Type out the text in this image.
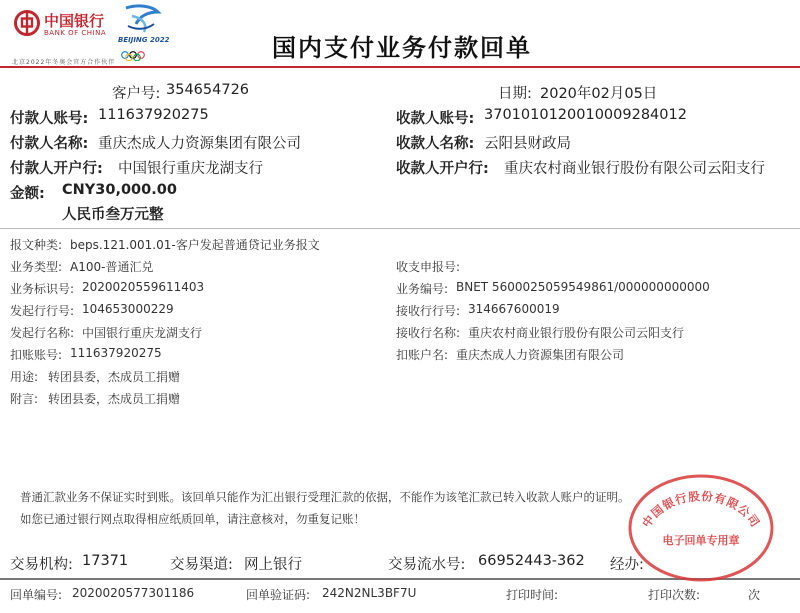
中国银行
BANK OF CHINA
BEIJING 2022
北京2022年冬奥会官方合作伙伴
国内支付业务付款回单
客户号: 354654726	日期: 2020年02月05日
付款人账号: 111637920275	收款人账号: 370101012001000928401​2
付款人名称: 重庆杰成人力资源集团有限公司	收款人名称: 云阳县财政局
付款人开户行: 中国银行重庆龙湖支行	收款人开户行: 重庆农村商业银行股份有限公司云阳支行
金额: CNY30,000.00
人民币叁万元整
报文种类: beps.121.001.01-客户发起普通贷记业务报文
业务类型: A100-普通汇兑	收支申报号:
业务标识号: 2020020559611403	业务编号: BNET 5600025059549861/000000000000
发起行行号: 104653000229	接收行行号: 314667600019
发起行名称: 中国银行重庆龙湖支行	接收行名称: 重庆农村商业银行股份有限公司云阳支行
扣账账号: 111637920275	扣账户名: 重庆杰成人力资源集团有限公司
用途: 转团县委，杰成员工捐赠
附言: 转团县委，杰成员工捐赠
普通汇款业务不保证实时到账。该回单只能作为汇出银行受理汇款的依据，不能作为该笔汇款已转入收款人账户的证明。
如您已通过银行网点取得相应纸质回单，请注意核对，勿重复记账！
交易机构: 17371	交易渠道: 网上银行	交易流水号: 66952443-362 经办:
回单编号: 2020020577301186	回单验证码: 242N2NL3BF7U	打印时间:	打印次数:	次
中国银行股份有限公司
电子回单专用章
